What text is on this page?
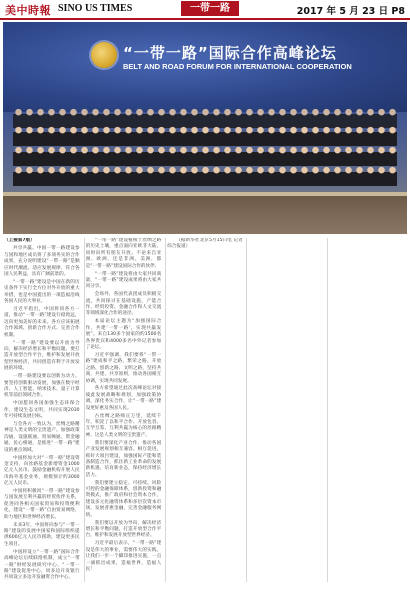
美中時報 SINO US TIMES	一带一路	2017 年 5 月 23 日 P8
“一带一路”国际合作高峰论坛
BELT AND ROAD FORUM FOR INTERNATIONAL COOPERATION
（上接第7版）

共享共赢。中国一带一路建设参与国和地区成员将了多项务实的合作成果，充分说明建设“一带一路”是顺应时代潮流、适应发展规律、符合各国人民利益，具有广阔前景的。

“一带一路”建设是中国在新的历史条件下实行全方位对外开放的重大举措，也是中国提出的一项造福沿线各国人民的大事业。

习近平指出，中国将同各方一道，推动“一带一路”建设行稳致远，迈向更加美好的未来。各方应该拓展合作领域、创新合作方式、完善合作机制。

“一带一路”建设要以开放为导向，解决经济增长和平衡问题。要打造开放型合作平台，维护和发展开放型世界经济，共同创造有利于开放发展的环境。

一带一路建设要以创新为动力。要坚持创新驱动发展，加强在数字经济、人工智能、纳米技术、量子计算机等前沿领域合作。

中国愿同各国加强生态环保合作，建设生态文明，共同实现2030年可持续发展目标。

与会各方一致认为，丝绸之路精神是人类文明的宝贵遗产。加强政策沟通、设施联通、贸易畅通、资金融通、民心相通，是推进“一带一路”建设的重点领域。

中国将加大对“一带一路”建设资金支持，向丝路基金新增资金1000亿元人民币。鼓励金融机构开展人民币海外基金业务，规模预计约3000亿元人民币。

中国将积极同“一带一路”建设参与国发展互利共赢的经贸伙伴关系，促进同各相关国家贸易和投资便利化，建设“一带一路”自由贸易网络，助力地区和世界经济增长。

未来3年，中国将向参与“一带一路”建设的发展中国家和国际组织提供600亿元人民币援助，建设更多民生项目。

中国将设立“一带一路”国际合作高峰论坛后续联络机制，成立“一带一路”财经发展研究中心、“一带一路”建设促进中心，同多边开发银行共同设立多边开发融资合作中心。

“一带一路”建设植根于丝绸之路的历史土壤，重点面向亚欧非大陆，同时向所有朋友开放。不论来自亚洲、欧洲，还是非洲、美洲，都是“一带一路”建设国际合作的伙伴。

“一带一路”建设将由大家共同商量，“一带一路”建设成果将由大家共同分享。

会场外，各国代表团成员积极交流，共同探讨在基础设施、产能合作、经贸投资、金融合作和人文交流等领域深化合作的途径。

本届论坛主题为“加强国际合作，共建‘一带一路’，实现共赢发展”。来自130多个国家的约1500名各界贵宾和4000多名中外记者参加了论坛。

习近平强调，我们要将“一带一路”建成和平之路、繁荣之路、开放之路、创新之路、文明之路，坚持共商、共建、共享原则，推动各国相互协调，实现共同发展。

各方希望通过此次高峰论坛对接彼此发展战略和规划，加强政策协调，深化务实合作，让“一带一路”建设更好惠及各国人民。

古丝绸之路绵亘万里，延续千年，积淀了以和平合作、开放包容、互学互鉴、互利共赢为核心的丝路精神。这是人类文明的宝贵遗产。

我们要深化产业合作，推动各国产业发展规划相互兼容、相互促进，抓好大项目建设，加强国际产能和装备制造合作，抓住新工业革命的发展新机遇，培育新业态，保持经济增长活力。

我们要建立稳定、可持续、风险可控的金融保障体系，创新投资和融资模式，推广政府和社会资本合作，建设多元化融资体系和多层次资本市场，发展普惠金融，完善金融服务网络。

我们要以开放为导向，解决经济增长和平衡问题，打造开放型合作平台，维护和发展开放型世界经济。

习近平最后表示，“一带一路”建设是伟大的事业，需要伟大的实践。让我们一步一个脚印推进实施，一点一滴抓出成果，造福世界，造福人民！

（据新华社北京5月15日电 记者 综合报道）
